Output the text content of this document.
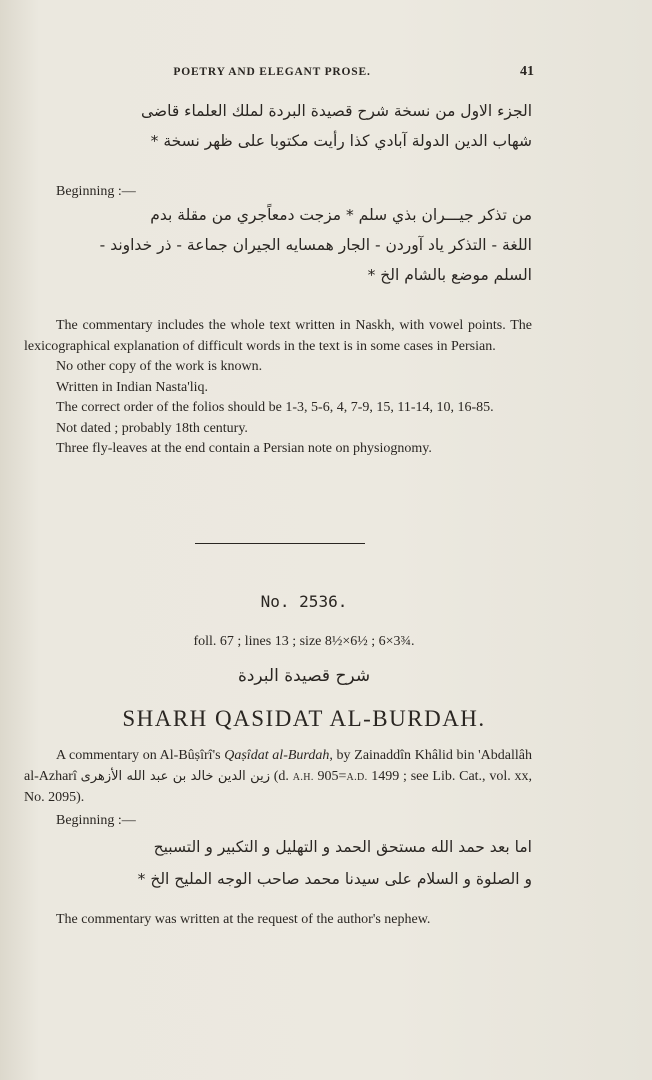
POETRY AND ELEGANT PROSE.	41

الجزء الاول من نسخة شرح قصيدة البردة لملك العلماء قاضى

شهاب الدين الدولة آبادي كذا رأيت مكتوبا على ظهر نسخة *

Beginning :—

من تذكر جيـــران بذي سلم * مزجت دمعاًجري من مقلة بدم

اللغة - التذكر ياد آوردن - الجار همسايه الجيران جماعة - ذر خداوند -

السلم موضع بالشام الخ *

The commentary includes the whole text written in Naskh, with vowel points. The lexicographical explanation of difficult words in the text is in some cases in Persian.

No other copy of the work is known.

Written in Indian Nasta'liq.

The correct order of the folios should be 1-3, 5-6, 4, 7-9, 15, 11-14, 10, 16-85.

Not dated ; probably 18th century.

Three fly-leaves at the end contain a Persian note on physiognomy.

No. 2536.
foll. 67 ; lines 13 ; size 8½×6½ ; 6×3¾.
شرح قصيدة البردة
SHARH QASIDAT AL-BURDAH.

A commentary on Al-Bûṣîrî's Qaṣîdat al-Burdah, by Zainaddîn Khâlid bin 'Abdallâh al-Azharî زين الدين خالد بن عبد الله الأزهرى (d. A.H. 905=A.D. 1499 ; see Lib. Cat., vol. xx, No. 2095).

Beginning :—

اما بعد حمد الله مستحق الحمد و التهليل و التكبير و التسبيح

و الصلوة و السلام على سيدنا محمد صاحب الوجه المليح الخ *

The commentary was written at the request of the author's nephew.
